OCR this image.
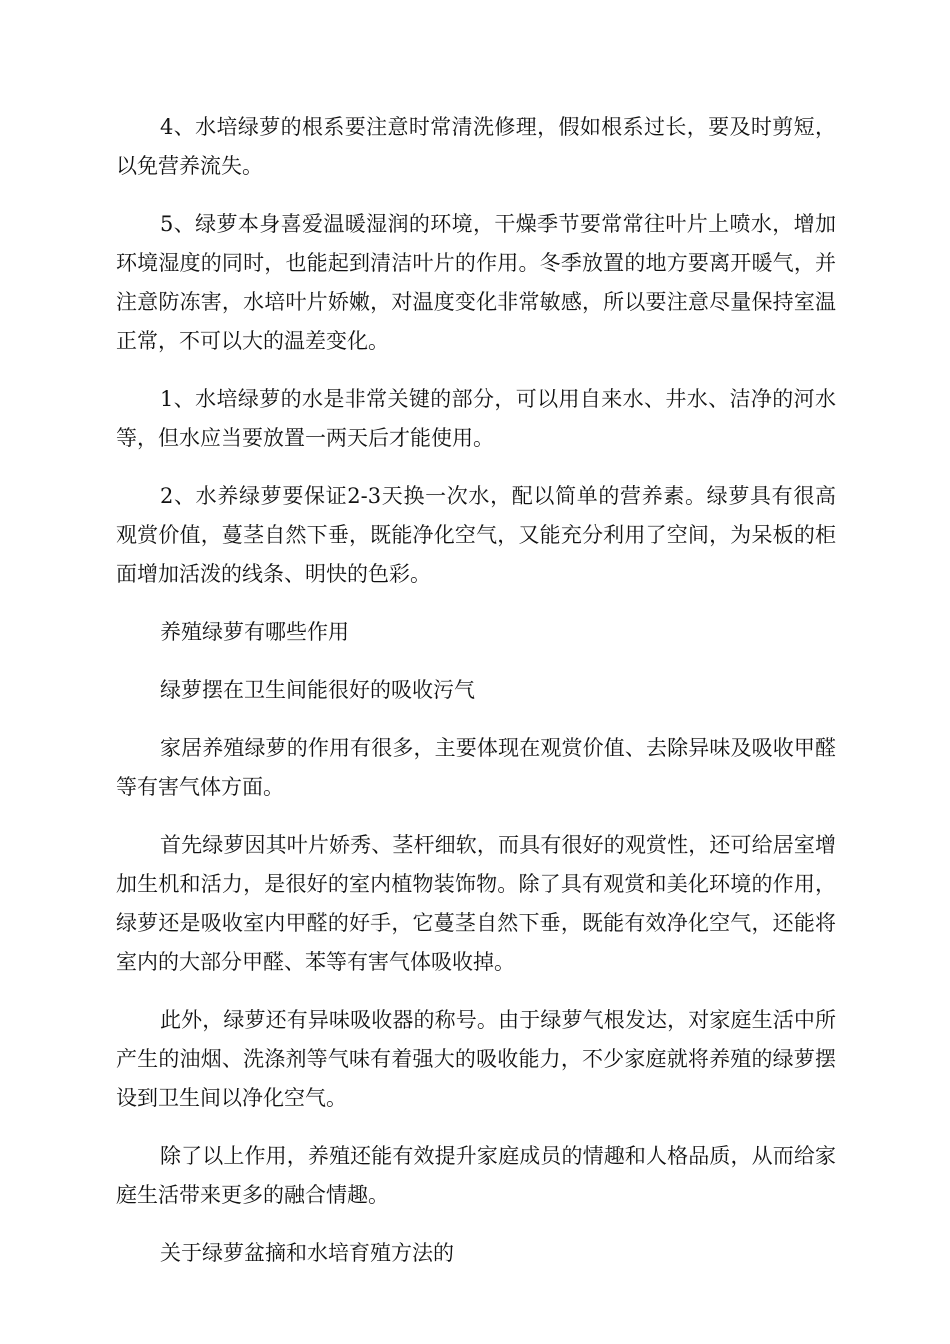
4、水培绿萝的根系要注意时常清洗修理，假如根系过长，要及时剪短，以免营养流失。

5、绿萝本身喜爱温暖湿润的环境，干燥季节要常常往叶片上喷水，增加环境湿度的同时，也能起到清洁叶片的作用。冬季放置的地方要离开暖气，并注意防冻害，水培叶片娇嫩，对温度变化非常敏感，所以要注意尽量保持室温正常，不可以大的温差变化。

1、水培绿萝的水是非常关键的部分，可以用自来水、井水、洁净的河水等，但水应当要放置一两天后才能使用。

2、水养绿萝要保证2-3天换一次水，配以简单的营养素。绿萝具有很高观赏价值，蔓茎自然下垂，既能净化空气，又能充分利用了空间，为呆板的柜面增加活泼的线条、明快的色彩。

养殖绿萝有哪些作用

绿萝摆在卫生间能很好的吸收污气

家居养殖绿萝的作用有很多，主要体现在观赏价值、去除异味及吸收甲醛等有害气体方面。

首先绿萝因其叶片娇秀、茎杆细软，而具有很好的观赏性，还可给居室增加生机和活力，是很好的室内植物装饰物。除了具有观赏和美化环境的作用，绿萝还是吸收室内甲醛的好手，它蔓茎自然下垂，既能有效净化空气，还能将室内的大部分甲醛、苯等有害气体吸收掉。

此外，绿萝还有异味吸收器的称号。由于绿萝气根发达，对家庭生活中所产生的油烟、洗涤剂等气味有着强大的吸收能力，不少家庭就将养殖的绿萝摆设到卫生间以净化空气。

除了以上作用，养殖还能有效提升家庭成员的情趣和人格品质，从而给家庭生活带来更多的融合情趣。

关于绿萝盆摘和水培育殖方法的
